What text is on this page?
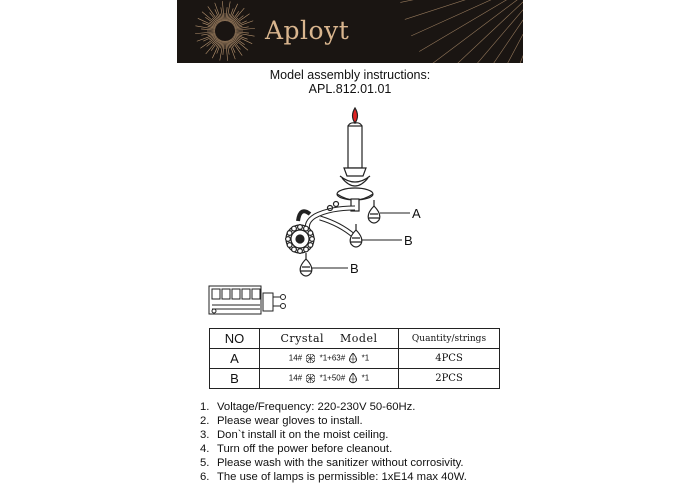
Aployt
Model assembly instructions:
APL.812.01.01
A
B
B
NO	Crystal    Model	Quantity/strings
A	14# *1+63# *1	4PCS
B	14# *1+50# *1	2PCS
1. Voltage/Frequency: 220-230V 50-60Hz.
2. Please wear gloves to install.
3. Don`t install it on the moist ceiling.
4. Turn off the power before cleanout.
5. Please wash with the sanitizer without corrosivity.
6. The use of lamps is permissible: 1xE14 max 40W.
